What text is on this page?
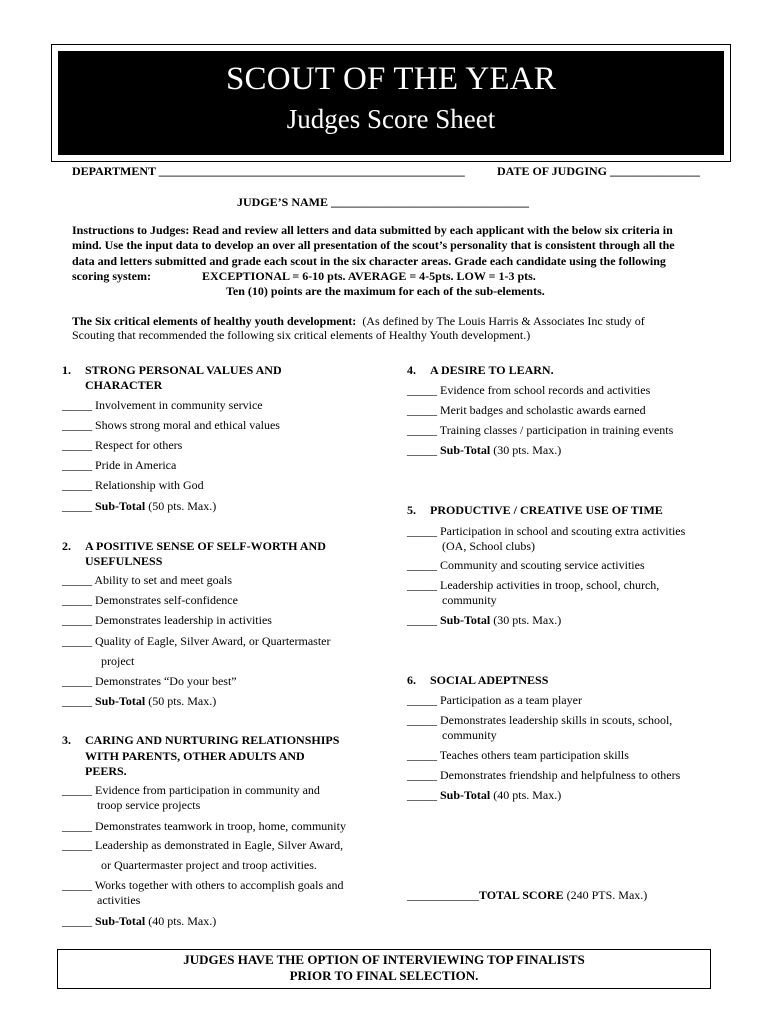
SCOUT OF THE YEAR
Judges Score Sheet
DEPARTMENT ___________________________________________________	DATE OF JUDGING _______________
JUDGE’S NAME _________________________________
Instructions to Judges: Read and review all letters and data submitted by each applicant with the below six criteria in
mind. Use the input data to develop an over all presentation of the scout’s personality that is consistent through all the
data and letters submitted and grade each scout in the six character areas. Grade each candidate using the following
scoring system:	EXCEPTIONAL = 6-10 pts. AVERAGE = 4-5pts. LOW = 1-3 pts.
Ten (10) points are the maximum for each of the sub-elements.
The Six critical elements of healthy youth development: (As defined by The Louis Harris & Associates Inc study of
Scouting that recommended the following six critical elements of Healthy Youth development.)
1. STRONG PERSONAL VALUES AND
CHARACTER
_____ Involvement in community service
_____ Shows strong moral and ethical values
_____ Respect for others
_____ Pride in America
_____ Relationship with God
_____ Sub-Total (50 pts. Max.)
2. A POSITIVE SENSE OF SELF-WORTH AND
USEFULNESS
_____ Ability to set and meet goals
_____ Demonstrates self-confidence
_____ Demonstrates leadership in activities
_____ Quality of Eagle, Silver Award, or Quartermaster
project
_____ Demonstrates “Do your best”
_____ Sub-Total (50 pts. Max.)
3. CARING AND NURTURING RELATIONSHIPS
WITH PARENTS, OTHER ADULTS AND
PEERS.
_____ Evidence from participation in community and
troop service projects
_____ Demonstrates teamwork in troop, home, community
_____ Leadership as demonstrated in Eagle, Silver Award,
or Quartermaster project and troop activities.
_____ Works together with others to accomplish goals and
activities
_____ Sub-Total (40 pts. Max.)
4. A DESIRE TO LEARN.
_____ Evidence from school records and activities
_____ Merit badges and scholastic awards earned
_____ Training classes / participation in training events
_____ Sub-Total (30 pts. Max.)
5. PRODUCTIVE / CREATIVE USE OF TIME
_____ Participation in school and scouting extra activities
(OA, School clubs)
_____ Community and scouting service activities
_____ Leadership activities in troop, school, church,
community
_____ Sub-Total (30 pts. Max.)
6. SOCIAL ADEPTNESS
_____ Participation as a team player
_____ Demonstrates leadership skills in scouts, school,
community
_____ Teaches others team participation skills
_____ Demonstrates friendship and helpfulness to others
_____ Sub-Total (40 pts. Max.)
____________TOTAL SCORE (240 PTS. Max.)
JUDGES HAVE THE OPTION OF INTERVIEWING TOP FINALISTS
PRIOR TO FINAL SELECTION.
